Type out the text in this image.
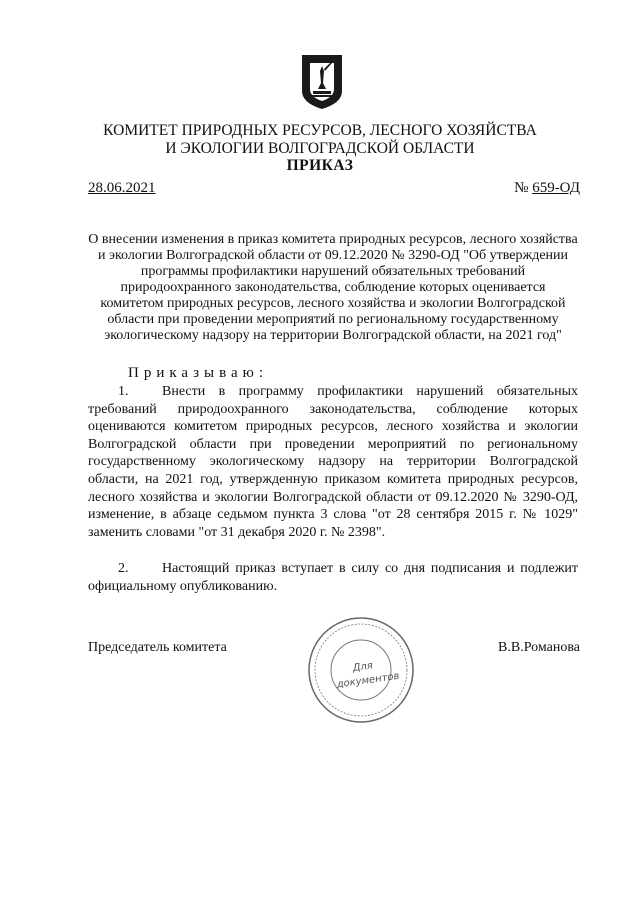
КОМИТЕТ ПРИРОДНЫХ РЕСУРСОВ, ЛЕСНОГО ХОЗЯЙСТВА
И ЭКОЛОГИИ ВОЛГОГРАДСКОЙ ОБЛАСТИ
ПРИКАЗ
28.06.2021	№ 659-ОД
О внесении изменения в приказ комитета природных ресурсов, лесного хозяйства и экологии Волгоградской области от 09.12.2020 № 3290-ОД "Об утверждении программы профилактики нарушений обязательных требований природоохранного законодательства, соблюдение которых оценивается комитетом природных ресурсов, лесного хозяйства и экологии Волгоградской области при проведении мероприятий по региональному государственному экологическому надзору на территории Волгоградской области, на 2021 год"
Приказываю:
1. Внести в программу профилактики нарушений обязательных требований природоохранного законодательства, соблюдение которых оцениваются комитетом природных ресурсов, лесного хозяйства и экологии Волгоградской области при проведении мероприятий по региональному государственному экологическому надзору на территории Волгоградской области, на 2021 год, утвержденную приказом комитета природных ресурсов, лесного хозяйства и экологии Волгоградской области от 09.12.2020 № 3290-ОД, изменение, в абзаце седьмом пункта 3 слова "от 28 сентября 2015 г. № 1029" заменить словами "от 31 декабря 2020 г. № 2398".
2. Настоящий приказ вступает в силу со дня подписания и подлежит официальному опубликованию.
Для
документов
Председатель комитета	В.В.Романова
